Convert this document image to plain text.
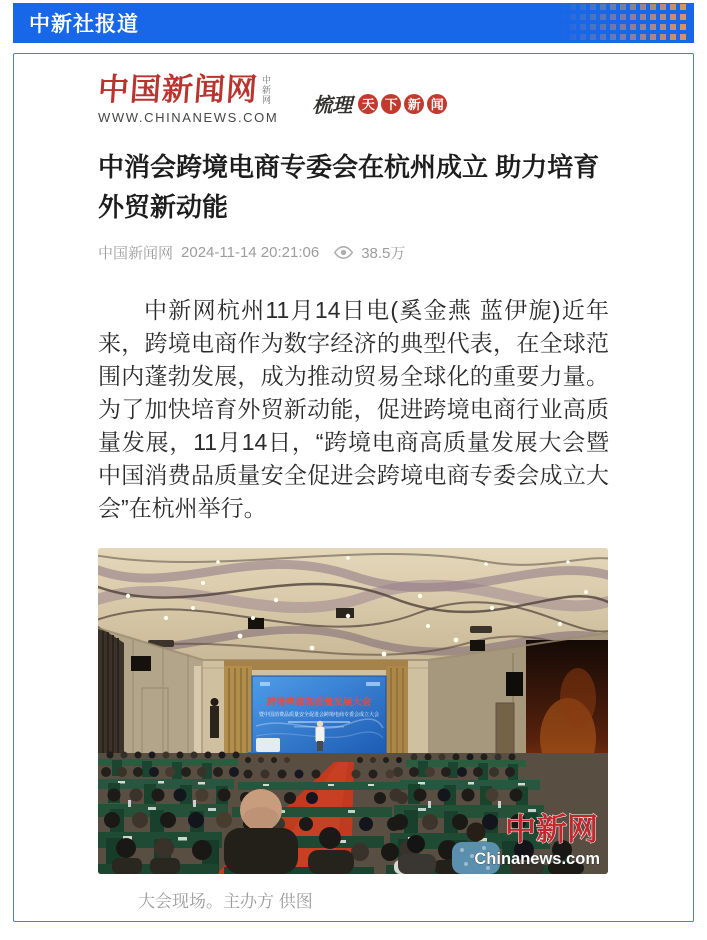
中新社报道
中国新闻网 中新网
WWW.CHINANEWS.COM
梳理 天 下 新 闻
中消会跨境电商专委会在杭州成立 助力培育外贸新动能
中国新闻网 2024-11-14 20:21:06	38.5万

中新网杭州11月14日电(奚金燕 蓝伊旎)近年来，跨境电商作为数字经济的典型代表，在全球范围内蓬勃发展，成为推动贸易全球化的重要力量。为了加快培育外贸新动能，促进跨境电商行业高质量发展，11月14日，“跨境电商高质量发展大会暨中国消费品质量安全促进会跨境电商专委会成立大会”在杭州举行。

跨境电商高质量发展大会
暨中国消费品质量安全促进会跨境电商专委会成立大会
中新网
Chinanews.com
大会现场。主办方 供图
